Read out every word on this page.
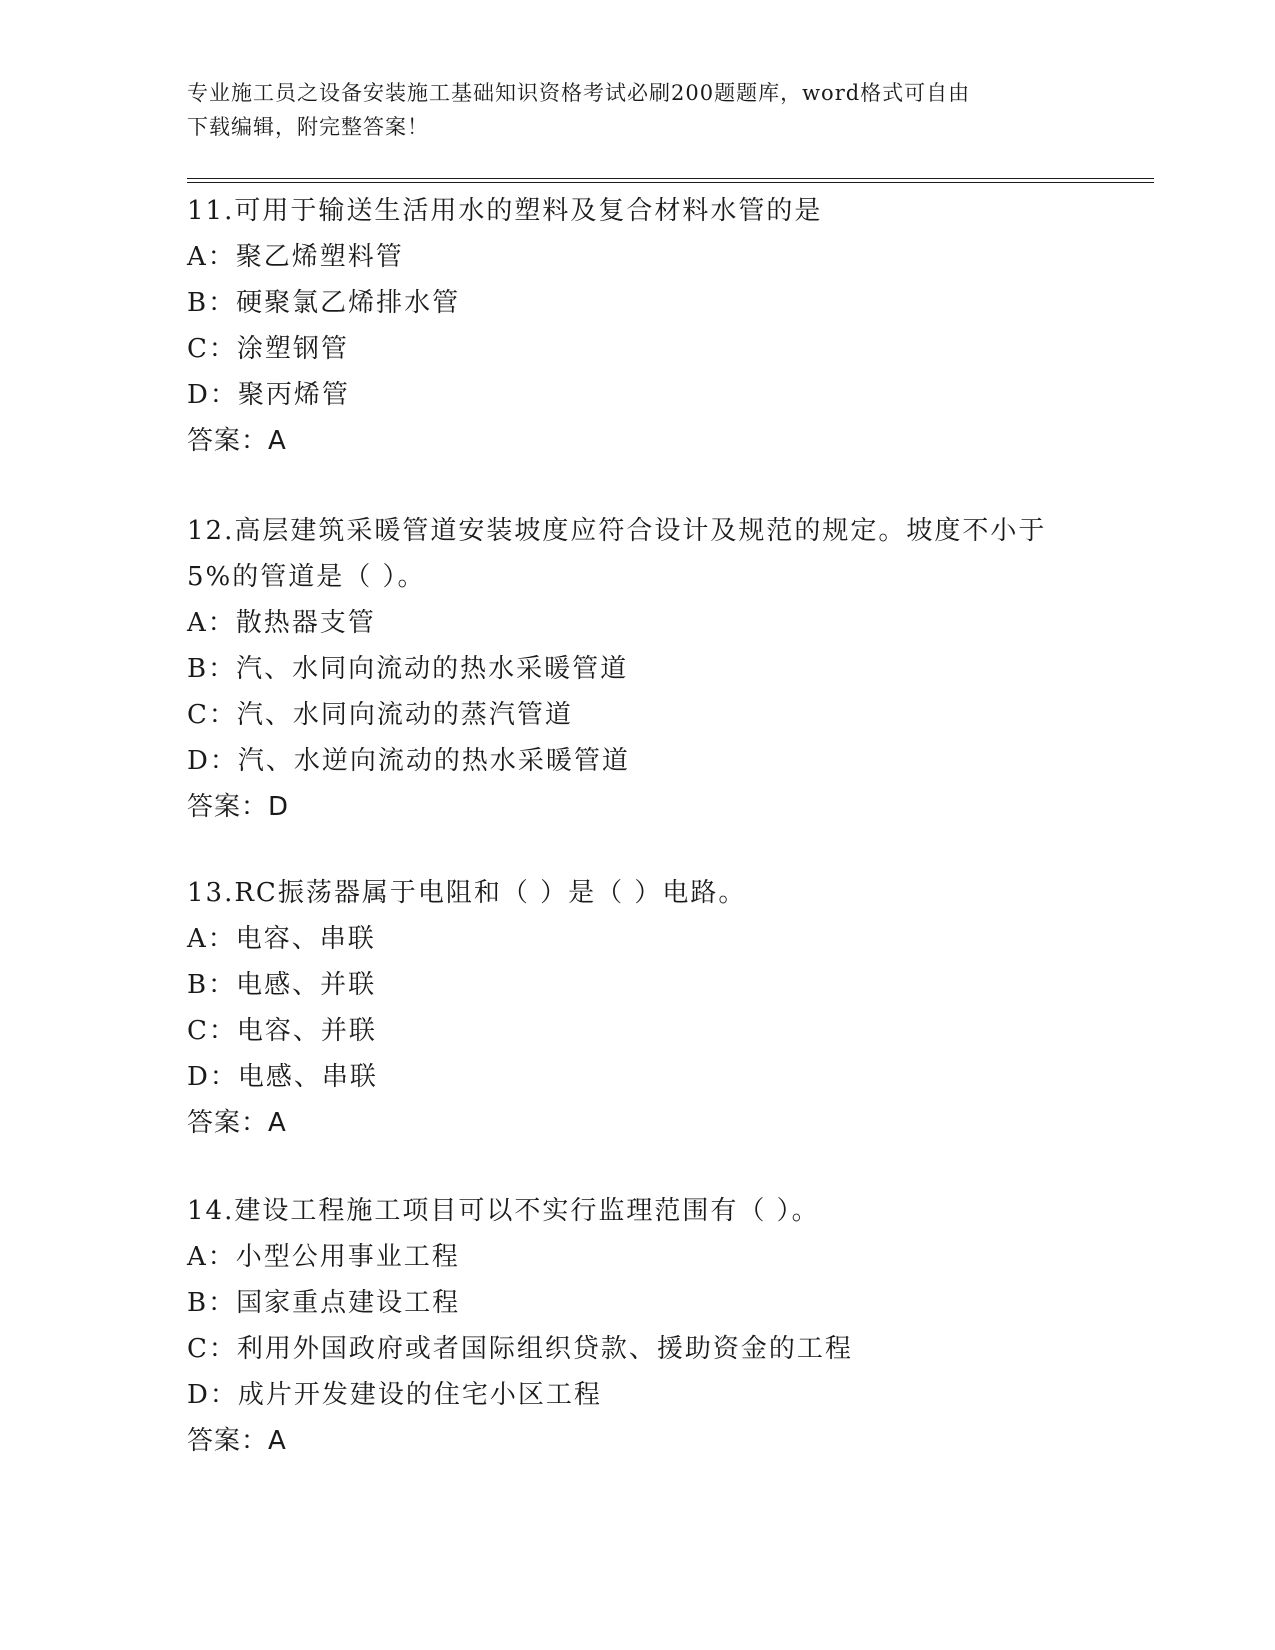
专业施工员之设备安装施工基础知识资格考试必刷200题题库，word格式可自由
下载编辑，附完整答案！
11.可用于输送生活用水的塑料及复合材料水管的是
A：聚乙烯塑料管
B：硬聚氯乙烯排水管
C：涂塑钢管
D：聚丙烯管
答案：A
12.高层建筑采暖管道安装坡度应符合设计及规范的规定。坡度不小于
5%的管道是（ ）。
A：散热器支管
B：汽、水同向流动的热水采暖管道
C：汽、水同向流动的蒸汽管道
D：汽、水逆向流动的热水采暖管道
答案：D
13.RC振荡器属于电阻和（ ）是（ ）电路。
A：电容、串联
B：电感、并联
C：电容、并联
D：电感、串联
答案：A
14.建设工程施工项目可以不实行监理范围有（ ）。
A：小型公用事业工程
B：国家重点建设工程
C：利用外国政府或者国际组织贷款、援助资金的工程
D：成片开发建设的住宅小区工程
答案：A
